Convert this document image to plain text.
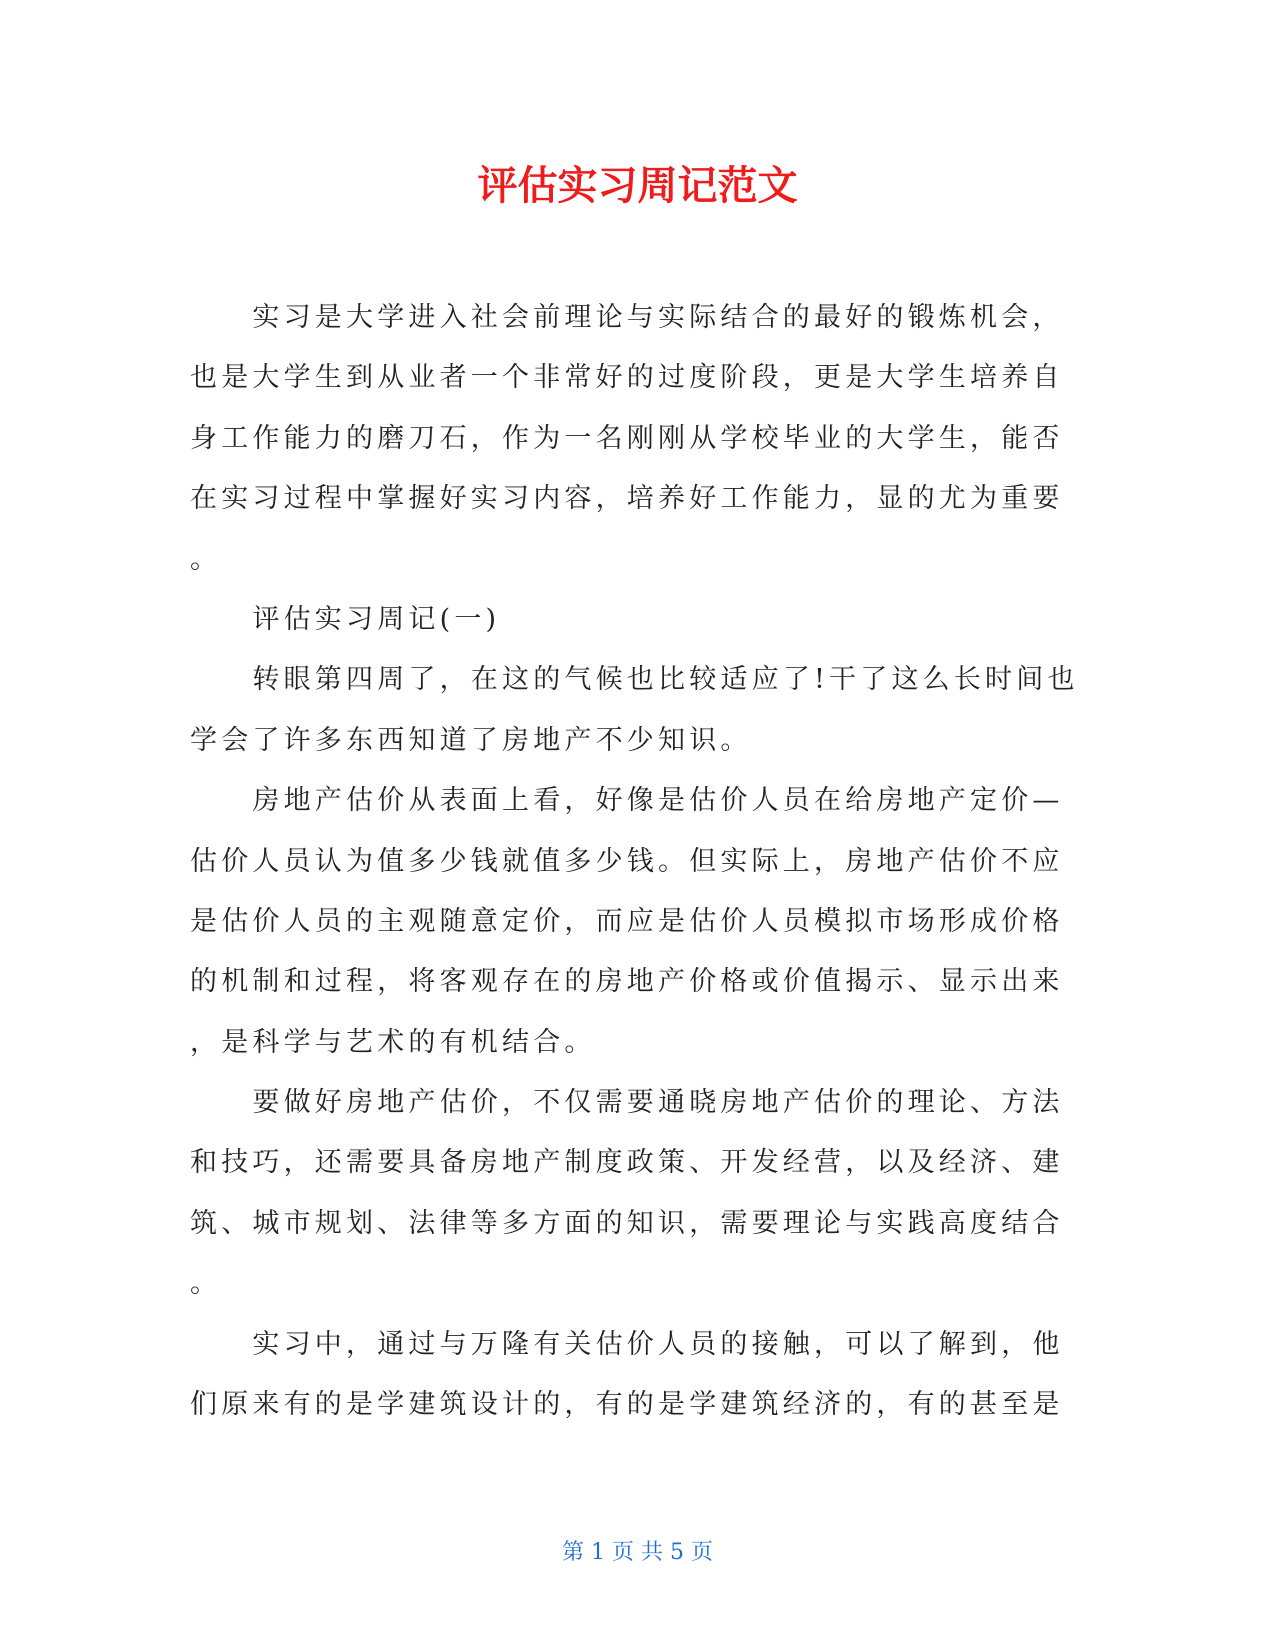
评估实习周记范文
　　实习是大学进入社会前理论与实际结合的最好的锻炼机会，
也是大学生到从业者一个非常好的过度阶段，更是大学生培养自
身工作能力的磨刀石，作为一名刚刚从学校毕业的大学生，能否
在实习过程中掌握好实习内容，培养好工作能力，显的尤为重要
。
　　评估实习周记(一)
　　转眼第四周了，在这的气候也比较适应了!干了这么长时间也
学会了许多东西知道了房地产不少知识。
　　房地产估价从表面上看，好像是估价人员在给房地产定价—
估价人员认为值多少钱就值多少钱。但实际上，房地产估价不应
是估价人员的主观随意定价，而应是估价人员模拟市场形成价格
的机制和过程，将客观存在的房地产价格或价值揭示、显示出来
，是科学与艺术的有机结合。
　　要做好房地产估价，不仅需要通晓房地产估价的理论、方法
和技巧，还需要具备房地产制度政策、开发经营，以及经济、建
筑、城市规划、法律等多方面的知识，需要理论与实践高度结合
。
　　实习中，通过与万隆有关估价人员的接触，可以了解到，他
们原来有的是学建筑设计的，有的是学建筑经济的，有的甚至是
第 1 页 共 5 页
